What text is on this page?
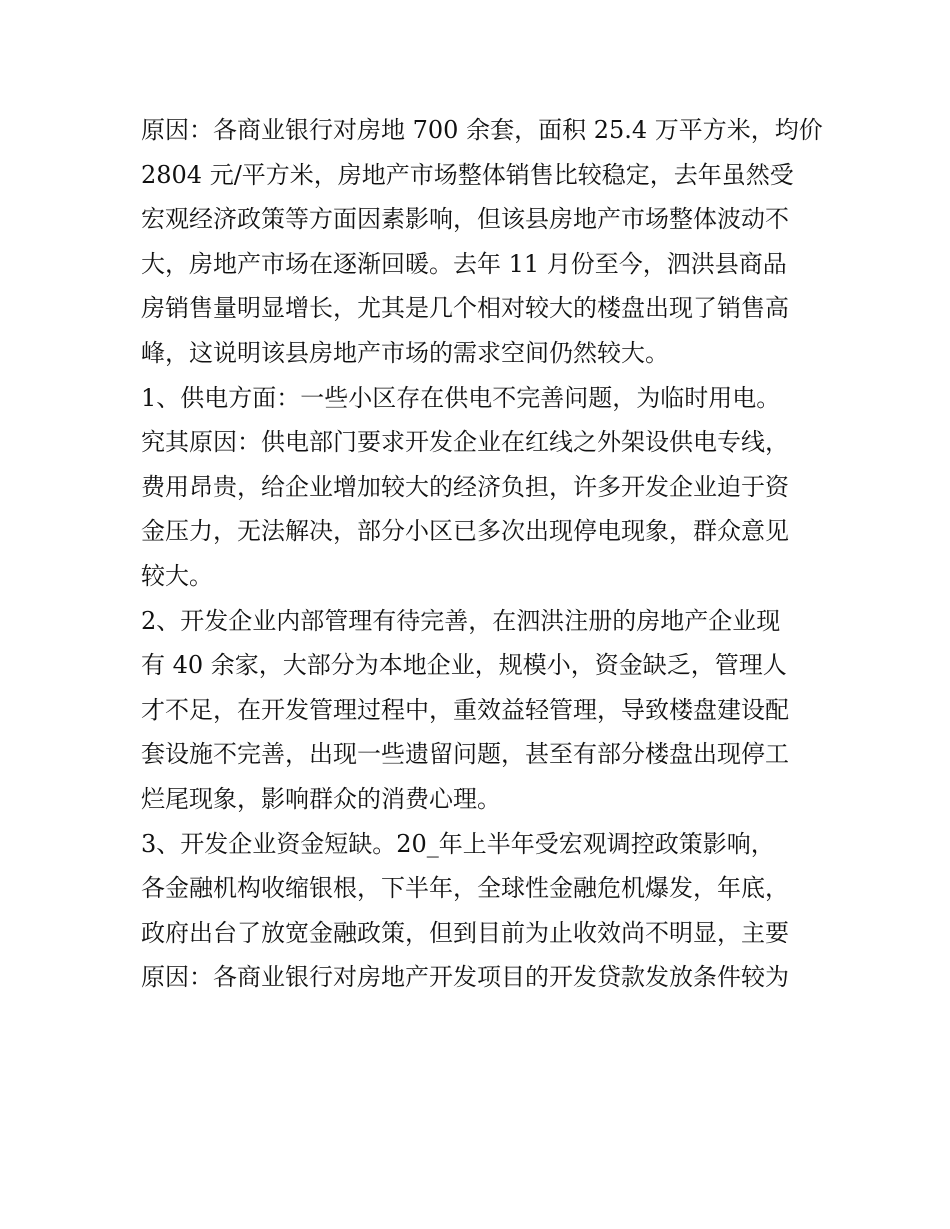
原因：各商业银行对房地 700 余套，面积 25.4 万平方米，均价
2804 元/平方米，房地产市场整体销售比较稳定，去年虽然受
宏观经济政策等方面因素影响，但该县房地产市场整体波动不
大，房地产市场在逐渐回暖。去年 11 月份至今，泗洪县商品
房销售量明显增长，尤其是几个相对较大的楼盘出现了销售高
峰，这说明该县房地产市场的需求空间仍然较大。
1、供电方面：一些小区存在供电不完善问题，为临时用电。
究其原因：供电部门要求开发企业在红线之外架设供电专线，
费用昂贵，给企业增加较大的经济负担，许多开发企业迫于资
金压力，无法解决，部分小区已多次出现停电现象，群众意见
较大。
2、开发企业内部管理有待完善，在泗洪注册的房地产企业现
有 40 余家，大部分为本地企业，规模小，资金缺乏，管理人
才不足，在开发管理过程中，重效益轻管理，导致楼盘建设配
套设施不完善，出现一些遗留问题，甚至有部分楼盘出现停工
烂尾现象，影响群众的消费心理。
3、开发企业资金短缺。20_年上半年受宏观调控政策影响，
各金融机构收缩银根，下半年，全球性金融危机爆发，年底，
政府出台了放宽金融政策，但到目前为止收效尚不明显，主要
原因：各商业银行对房地产开发项目的开发贷款发放条件较为
